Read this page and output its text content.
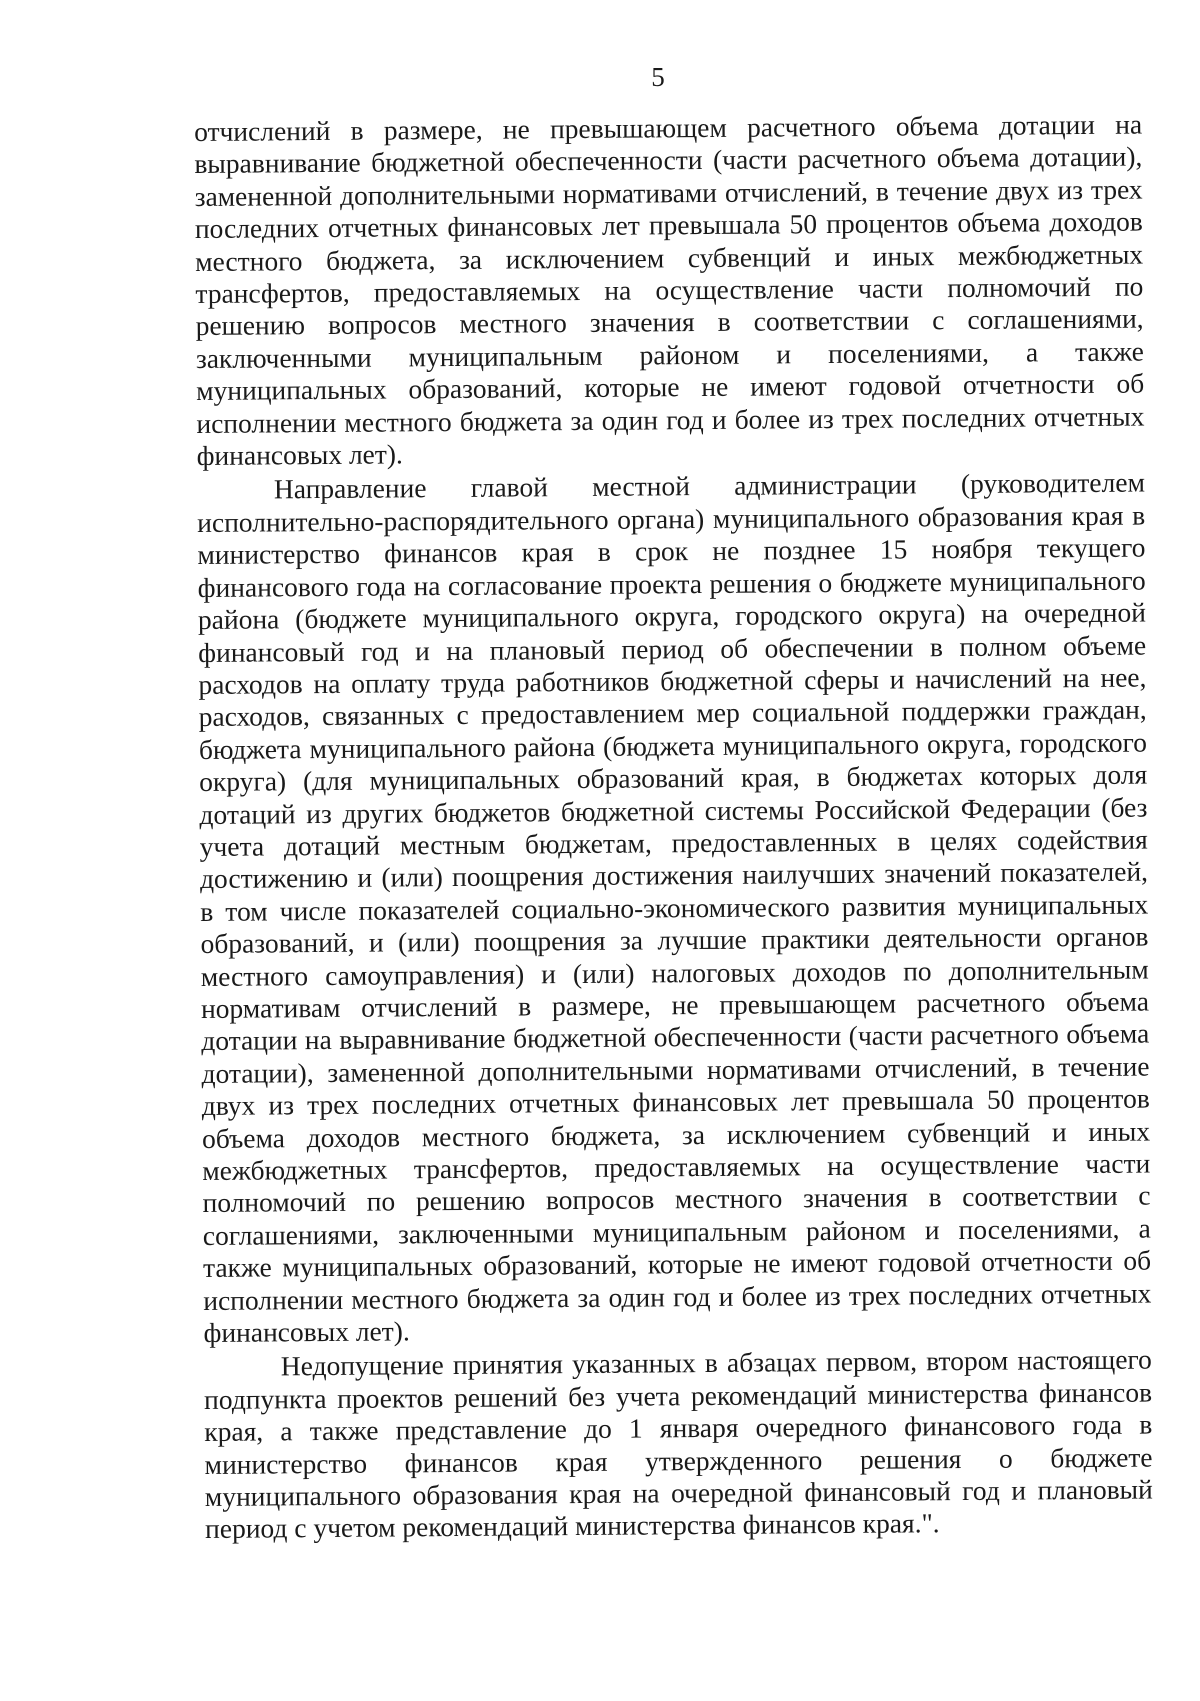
5

отчислений в размере, не превышающем расчетного объема дотации на выравнивание бюджетной обеспеченности (части расчетного объема дотации), замененной дополнительными нормативами отчислений, в течение двух из трех последних отчетных финансовых лет превышала 50 процентов объема доходов местного бюджета, за исключением субвенций и иных межбюджетных трансфертов, предоставляемых на осуществление части полномочий по решению вопросов местного значения в соответствии с соглашениями, заключенными муниципальным районом и поселениями, а также муниципальных образований, которые не имеют годовой отчетности об исполнении местного бюджета за один год и более из трех последних отчетных финансовых лет).

Направление главой местной администрации (руководителем исполнительно-распорядительного органа) муниципального образования края в министерство финансов края в срок не позднее 15 ноября текущего финансового года на согласование проекта решения о бюджете муниципального района (бюджете муниципального округа, городского округа) на очередной финансовый год и на плановый период об обеспечении в полном объеме расходов на оплату труда работников бюджетной сферы и начислений на нее, расходов, связанных с предоставлением мер социальной поддержки граждан, бюджета муниципального района (бюджета муниципального округа, городского округа) (для муниципальных образований края, в бюджетах которых доля дотаций из других бюджетов бюджетной системы Российской Федерации (без учета дотаций местным бюджетам, предоставленных в целях содействия достижению и (или) поощрения достижения наилучших значений показателей, в том числе показателей социально-экономического развития муниципальных образований, и (или) поощрения за лучшие практики деятельности органов местного самоуправления) и (или) налоговых доходов по дополнительным нормативам отчислений в размере, не превышающем расчетного объема дотации на выравнивание бюджетной обеспеченности (части расчетного объема дотации), замененной дополнительными нормативами отчислений, в течение двух из трех последних отчетных финансовых лет превышала 50 процентов объема доходов местного бюджета, за исключением субвенций и иных межбюджетных трансфертов, предоставляемых на осуществление части полномочий по решению вопросов местного значения в соответствии с соглашениями, заключенными муниципальным районом и поселениями, а также муниципальных образований, которые не имеют годовой отчетности об исполнении местного бюджета за один год и более из трех последних отчетных финансовых лет).

Недопущение принятия указанных в абзацах первом, втором настоящего подпункта проектов решений без учета рекомендаций министерства финансов края, а также представление до 1 января очередного финансового года в министерство финансов края утвержденного решения о бюджете муниципального образования края на очередной финансовый год и плановый период с учетом рекомендаций министерства финансов края.".
